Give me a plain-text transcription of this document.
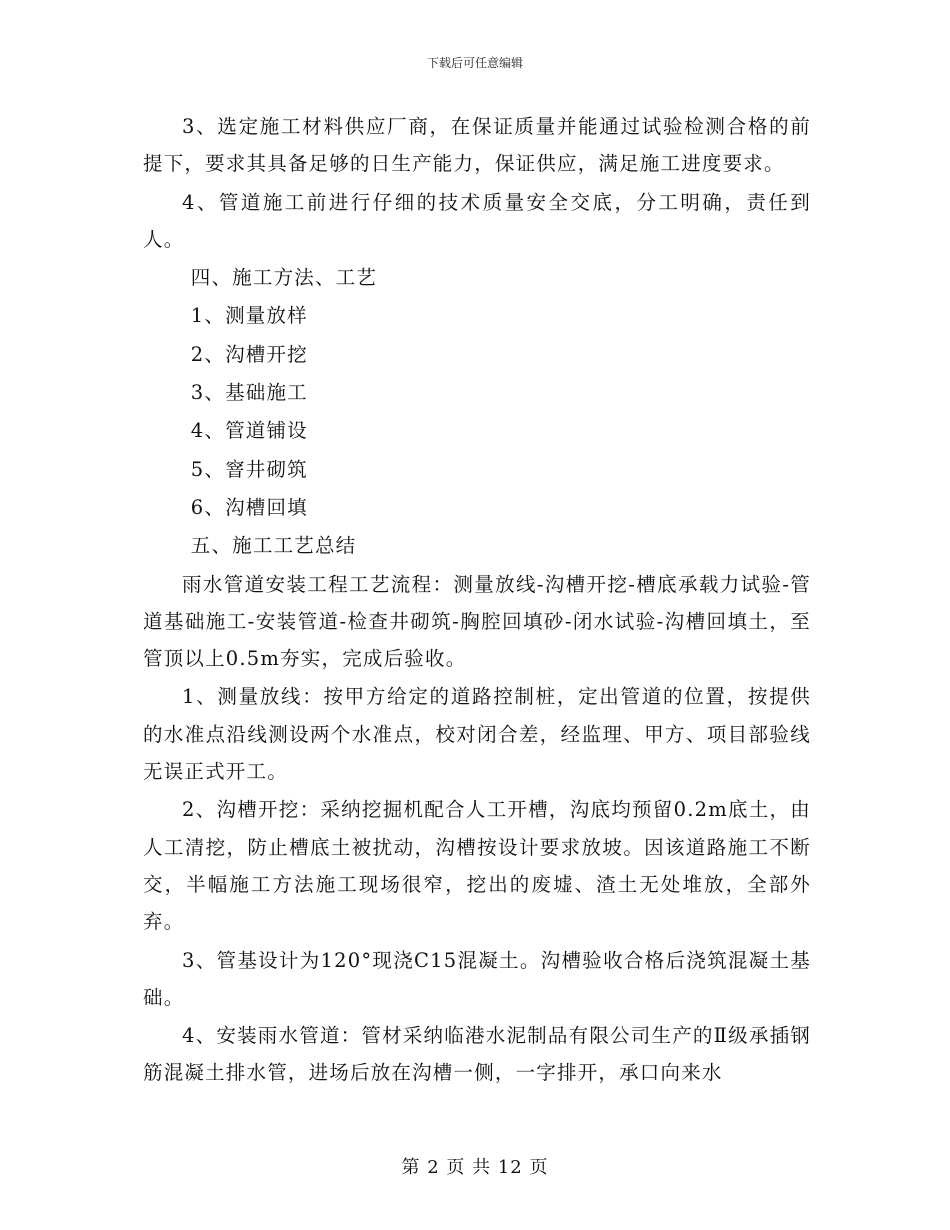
下载后可任意编辑

3、选定施工材料供应厂商，在保证质量并能通过试验检测合格的前提下，要求其具备足够的日生产能力，保证供应，满足施工进度要求。

4、管道施工前进行仔细的技术质量安全交底，分工明确，责任到人。

四、施工方法、工艺

1、测量放样

2、沟槽开挖

3、基础施工

4、管道铺设

5、窨井砌筑

6、沟槽回填

五、施工工艺总结

雨水管道安装工程工艺流程：测量放线-沟槽开挖-槽底承载力试验-管道基础施工-安装管道-检查井砌筑-胸腔回填砂-闭水试验-沟槽回填土，至管顶以上0.5m夯实，完成后验收。

1、测量放线：按甲方给定的道路控制桩，定出管道的位置，按提供的水准点沿线测设两个水准点，校对闭合差，经监理、甲方、项目部验线无误正式开工。

2、沟槽开挖：采纳挖掘机配合人工开槽，沟底均预留0.2m底土，由人工清挖，防止槽底土被扰动，沟槽按设计要求放坡。因该道路施工不断交，半幅施工方法施工现场很窄，挖出的废墟、渣土无处堆放，全部外弃。

3、管基设计为120°现浇C15混凝土。沟槽验收合格后浇筑混凝土基础。

4、安装雨水管道：管材采纳临港水泥制品有限公司生产的Ⅱ级承插钢筋混凝土排水管，进场后放在沟槽一侧，一字排开，承口向来水

第 2 页 共 12 页
